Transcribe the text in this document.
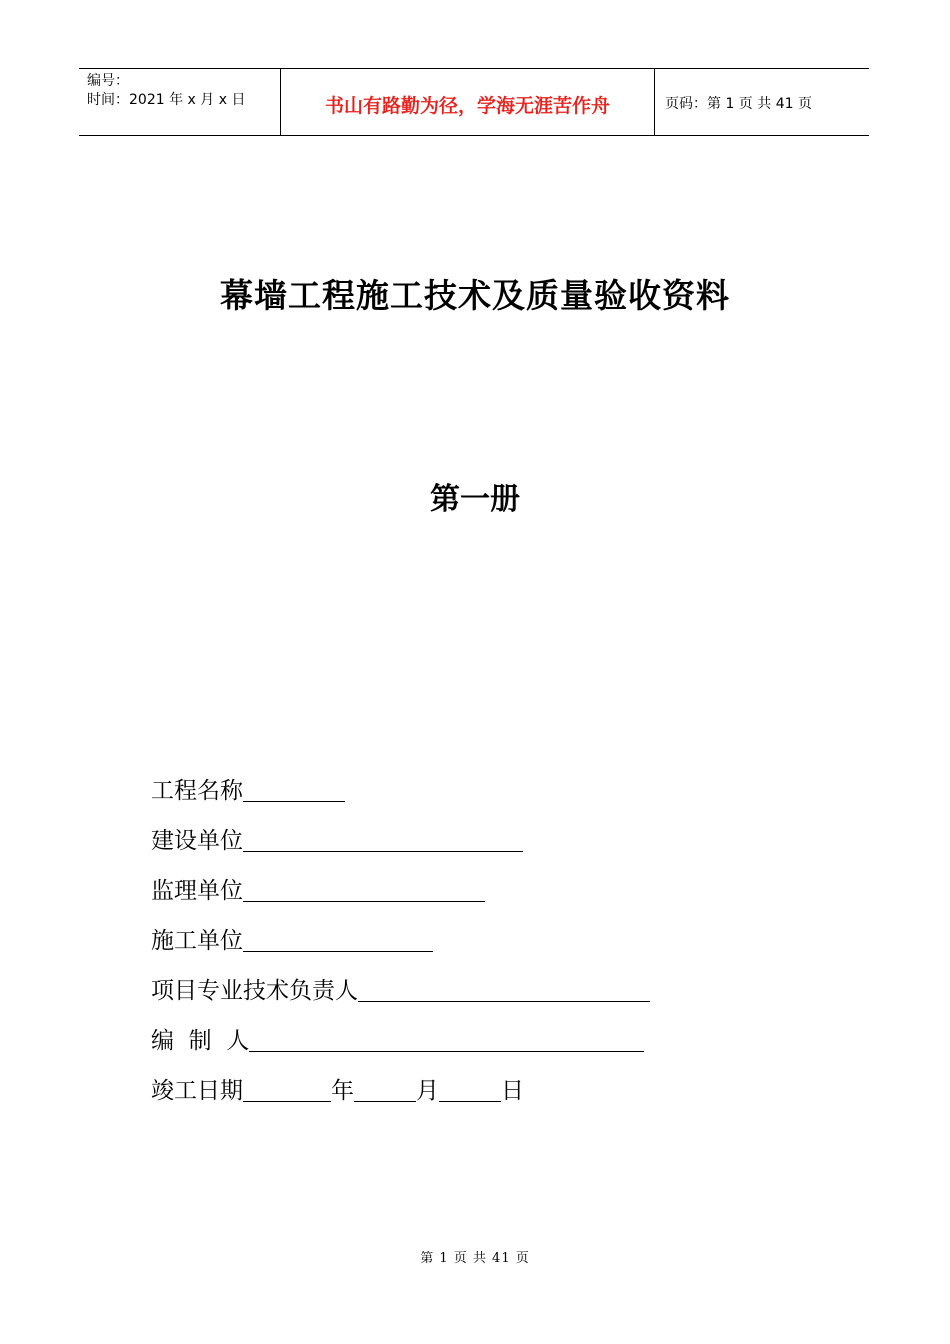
编号：
时间：2021 年 x 月 x 日	书山有路勤为径，学海无涯苦作舟	页码：第 1 页 共 41 页
幕墙工程施工技术及质量验收资料
第一册
工程名称
建设单位
监理单位
施工单位
项目专业技术负责人
编  制  人
竣工日期	年	月	日
第 1 页 共 41 页
